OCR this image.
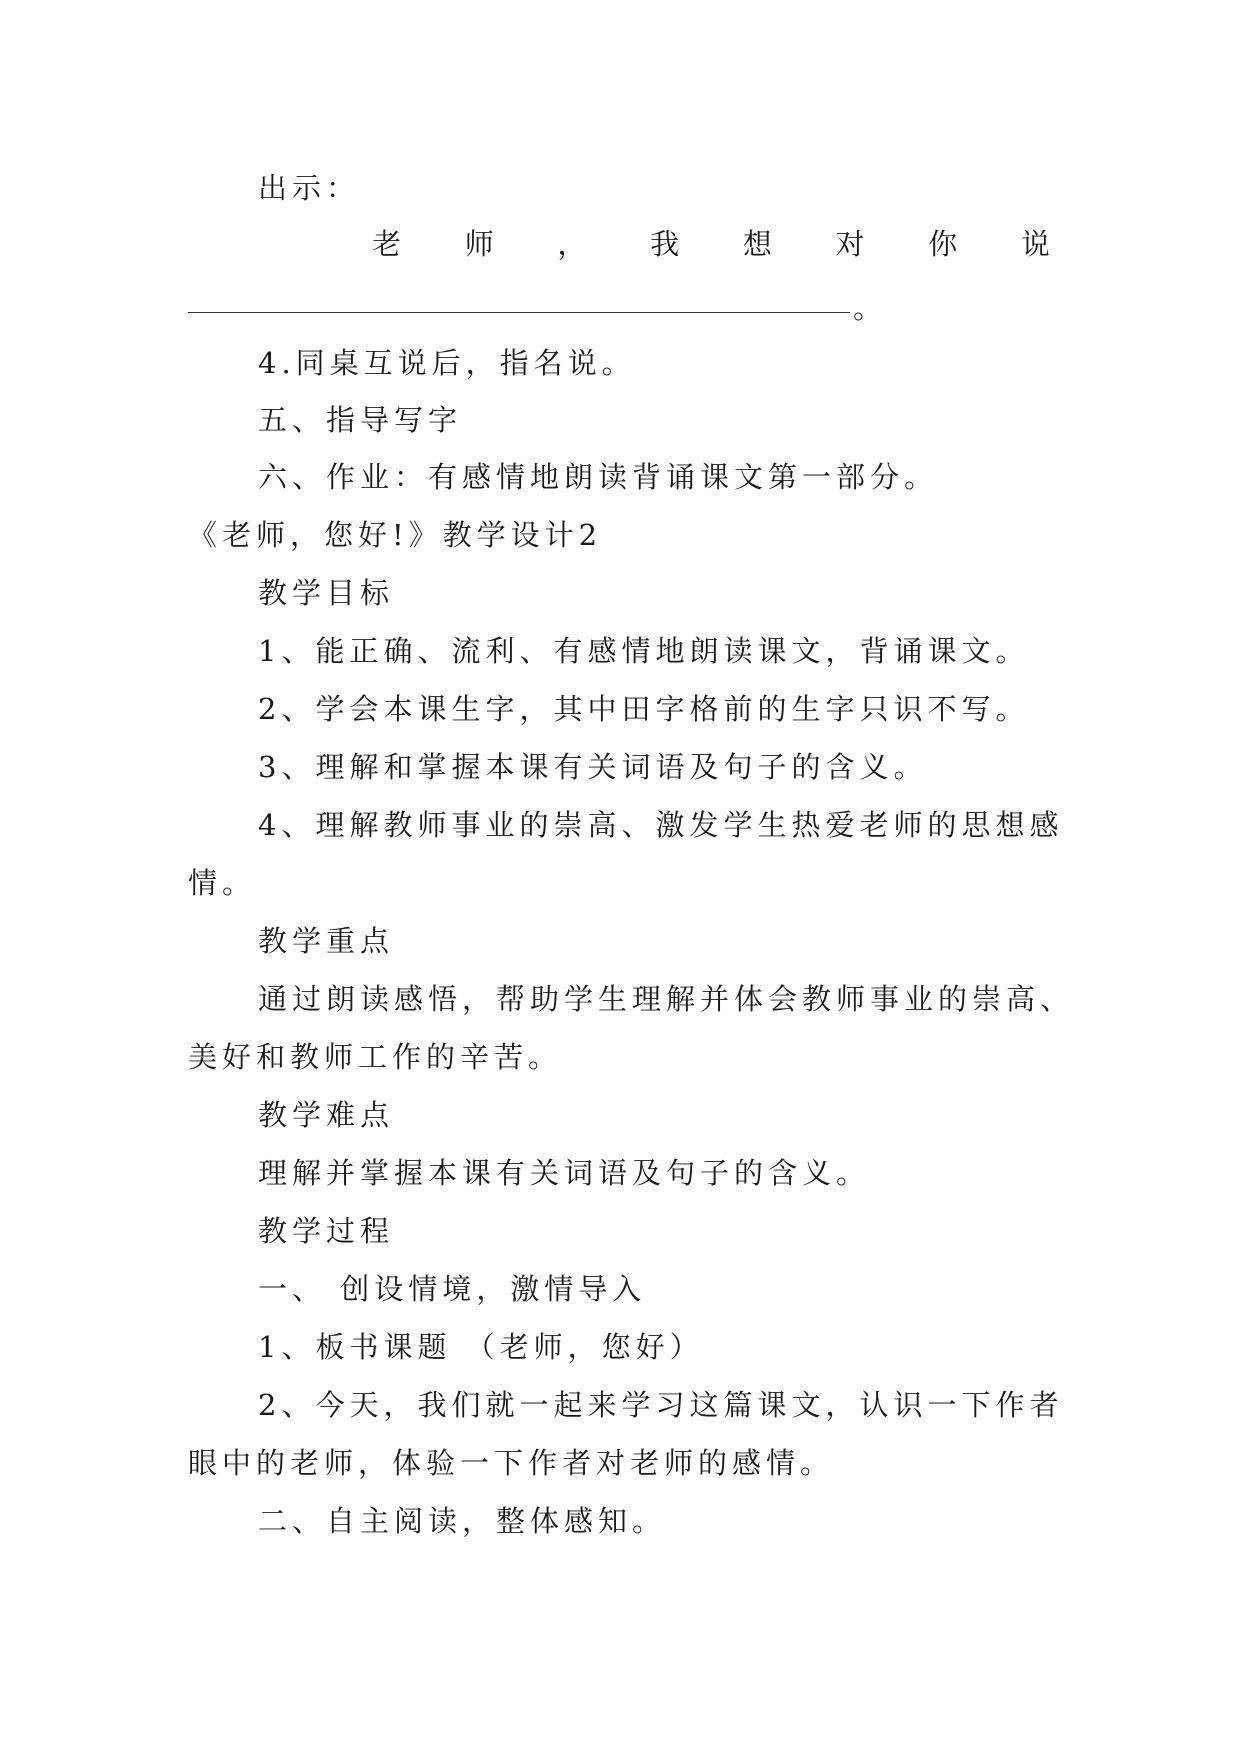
出示：
老 师 ， 我 想 对 你 说
。
4.同桌互说后，指名说。
五、指导写字
六、作业：有感情地朗读背诵课文第一部分。
《老师，您好!》教学设计2
教学目标
1、能正确、流利、有感情地朗读课文，背诵课文。
2、学会本课生字，其中田字格前的生字只识不写。
3、理解和掌握本课有关词语及句子的含义。
4、理解教师事业的崇高、激发学生热爱老师的思想感
情。
教学重点
通过朗读感悟，帮助学生理解并体会教师事业的崇高、
美好和教师工作的辛苦。
教学难点
理解并掌握本课有关词语及句子的含义。
教学过程
一、 创设情境，激情导入
1、板书课题 （老师，您好）
2、今天，我们就一起来学习这篇课文，认识一下作者
眼中的老师，体验一下作者对老师的感情。
二、自主阅读，整体感知。
